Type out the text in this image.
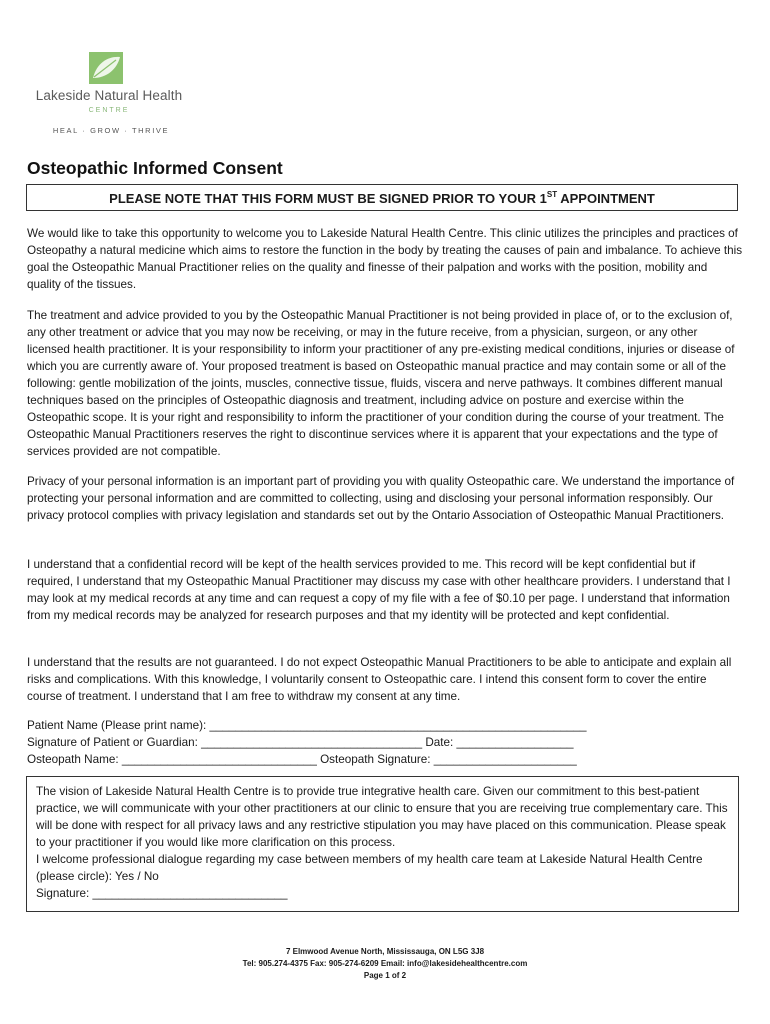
Lakeside Natural Health
CENTRE
HEAL · GROW · THRIVE
Osteopathic Informed Consent
PLEASE NOTE THAT THIS FORM MUST BE SIGNED PRIOR TO YOUR 1ST APPOINTMENT

We would like to take this opportunity to welcome you to Lakeside Natural Health Centre. This clinic utilizes the principles and practices of Osteopathy a natural medicine which aims to restore the function in the body by treating the causes of pain and imbalance. To achieve this goal the Osteopathic Manual Practitioner relies on the quality and finesse of their palpation and works with the position, mobility and quality of the tissues.

The treatment and advice provided to you by the Osteopathic Manual Practitioner is not being provided in place of, or to the exclusion of, any other treatment or advice that you may now be receiving, or may in the future receive, from a physician, surgeon, or any other licensed health practitioner. It is your responsibility to inform your practitioner of any pre-existing medical conditions, injuries or disease of which you are currently aware of. Your proposed treatment is based on Osteopathic manual practice and may contain some or all of the following: gentle mobilization of the joints, muscles, connective tissue, fluids, viscera and nerve pathways. It combines different manual techniques based on the principles of Osteopathic diagnosis and treatment, including advice on posture and exercise within the Osteopathic scope. It is your right and responsibility to inform the practitioner of your condition during the course of your treatment. The Osteopathic Manual Practitioners reserves the right to discontinue services where it is apparent that your expectations and the type of services provided are not compatible.

Privacy of your personal information is an important part of providing you with quality Osteopathic care. We understand the importance of protecting your personal information and are committed to collecting, using and disclosing your personal information responsibly. Our privacy protocol complies with privacy legislation and standards set out by the Ontario Association of Osteopathic Manual Practitioners.

I understand that a confidential record will be kept of the health services provided to me. This record will be kept confidential but if required, I understand that my Osteopathic Manual Practitioner may discuss my case with other healthcare providers. I understand that I may look at my medical records at any time and can request a copy of my file with a fee of $0.10 per page. I understand that information from my medical records may be analyzed for research purposes and that my identity will be protected and kept confidential.

I understand that the results are not guaranteed. I do not expect Osteopathic Manual Practitioners to be able to anticipate and explain all risks and complications. With this knowledge, I voluntarily consent to Osteopathic care. I intend this consent form to cover the entire course of treatment. I understand that I am free to withdraw my consent at any time.

Patient Name (Please print name): __________________________________________________________
Signature of Patient or Guardian: __________________________________ Date: __________________
Osteopath Name: ______________________________ Osteopath Signature: ______________________

The vision of Lakeside Natural Health Centre is to provide true integrative health care. Given our commitment to this best-patient practice, we will communicate with your other practitioners at our clinic to ensure that you are receiving true complementary care. This will be done with respect for all privacy laws and any restrictive stipulation you may have placed on this communication. Please speak to your practitioner if you would like more clarification on this process.

I welcome professional dialogue regarding my case between members of my health care team at Lakeside Natural Health Centre (please circle): Yes / No

Signature: ______________________________

7 Elmwood Avenue North, Mississauga, ON L5G 3J8
Tel: 905.274-4375 Fax: 905-274-6209 Email: info@lakesidehealthcentre.com
Page 1 of 2
